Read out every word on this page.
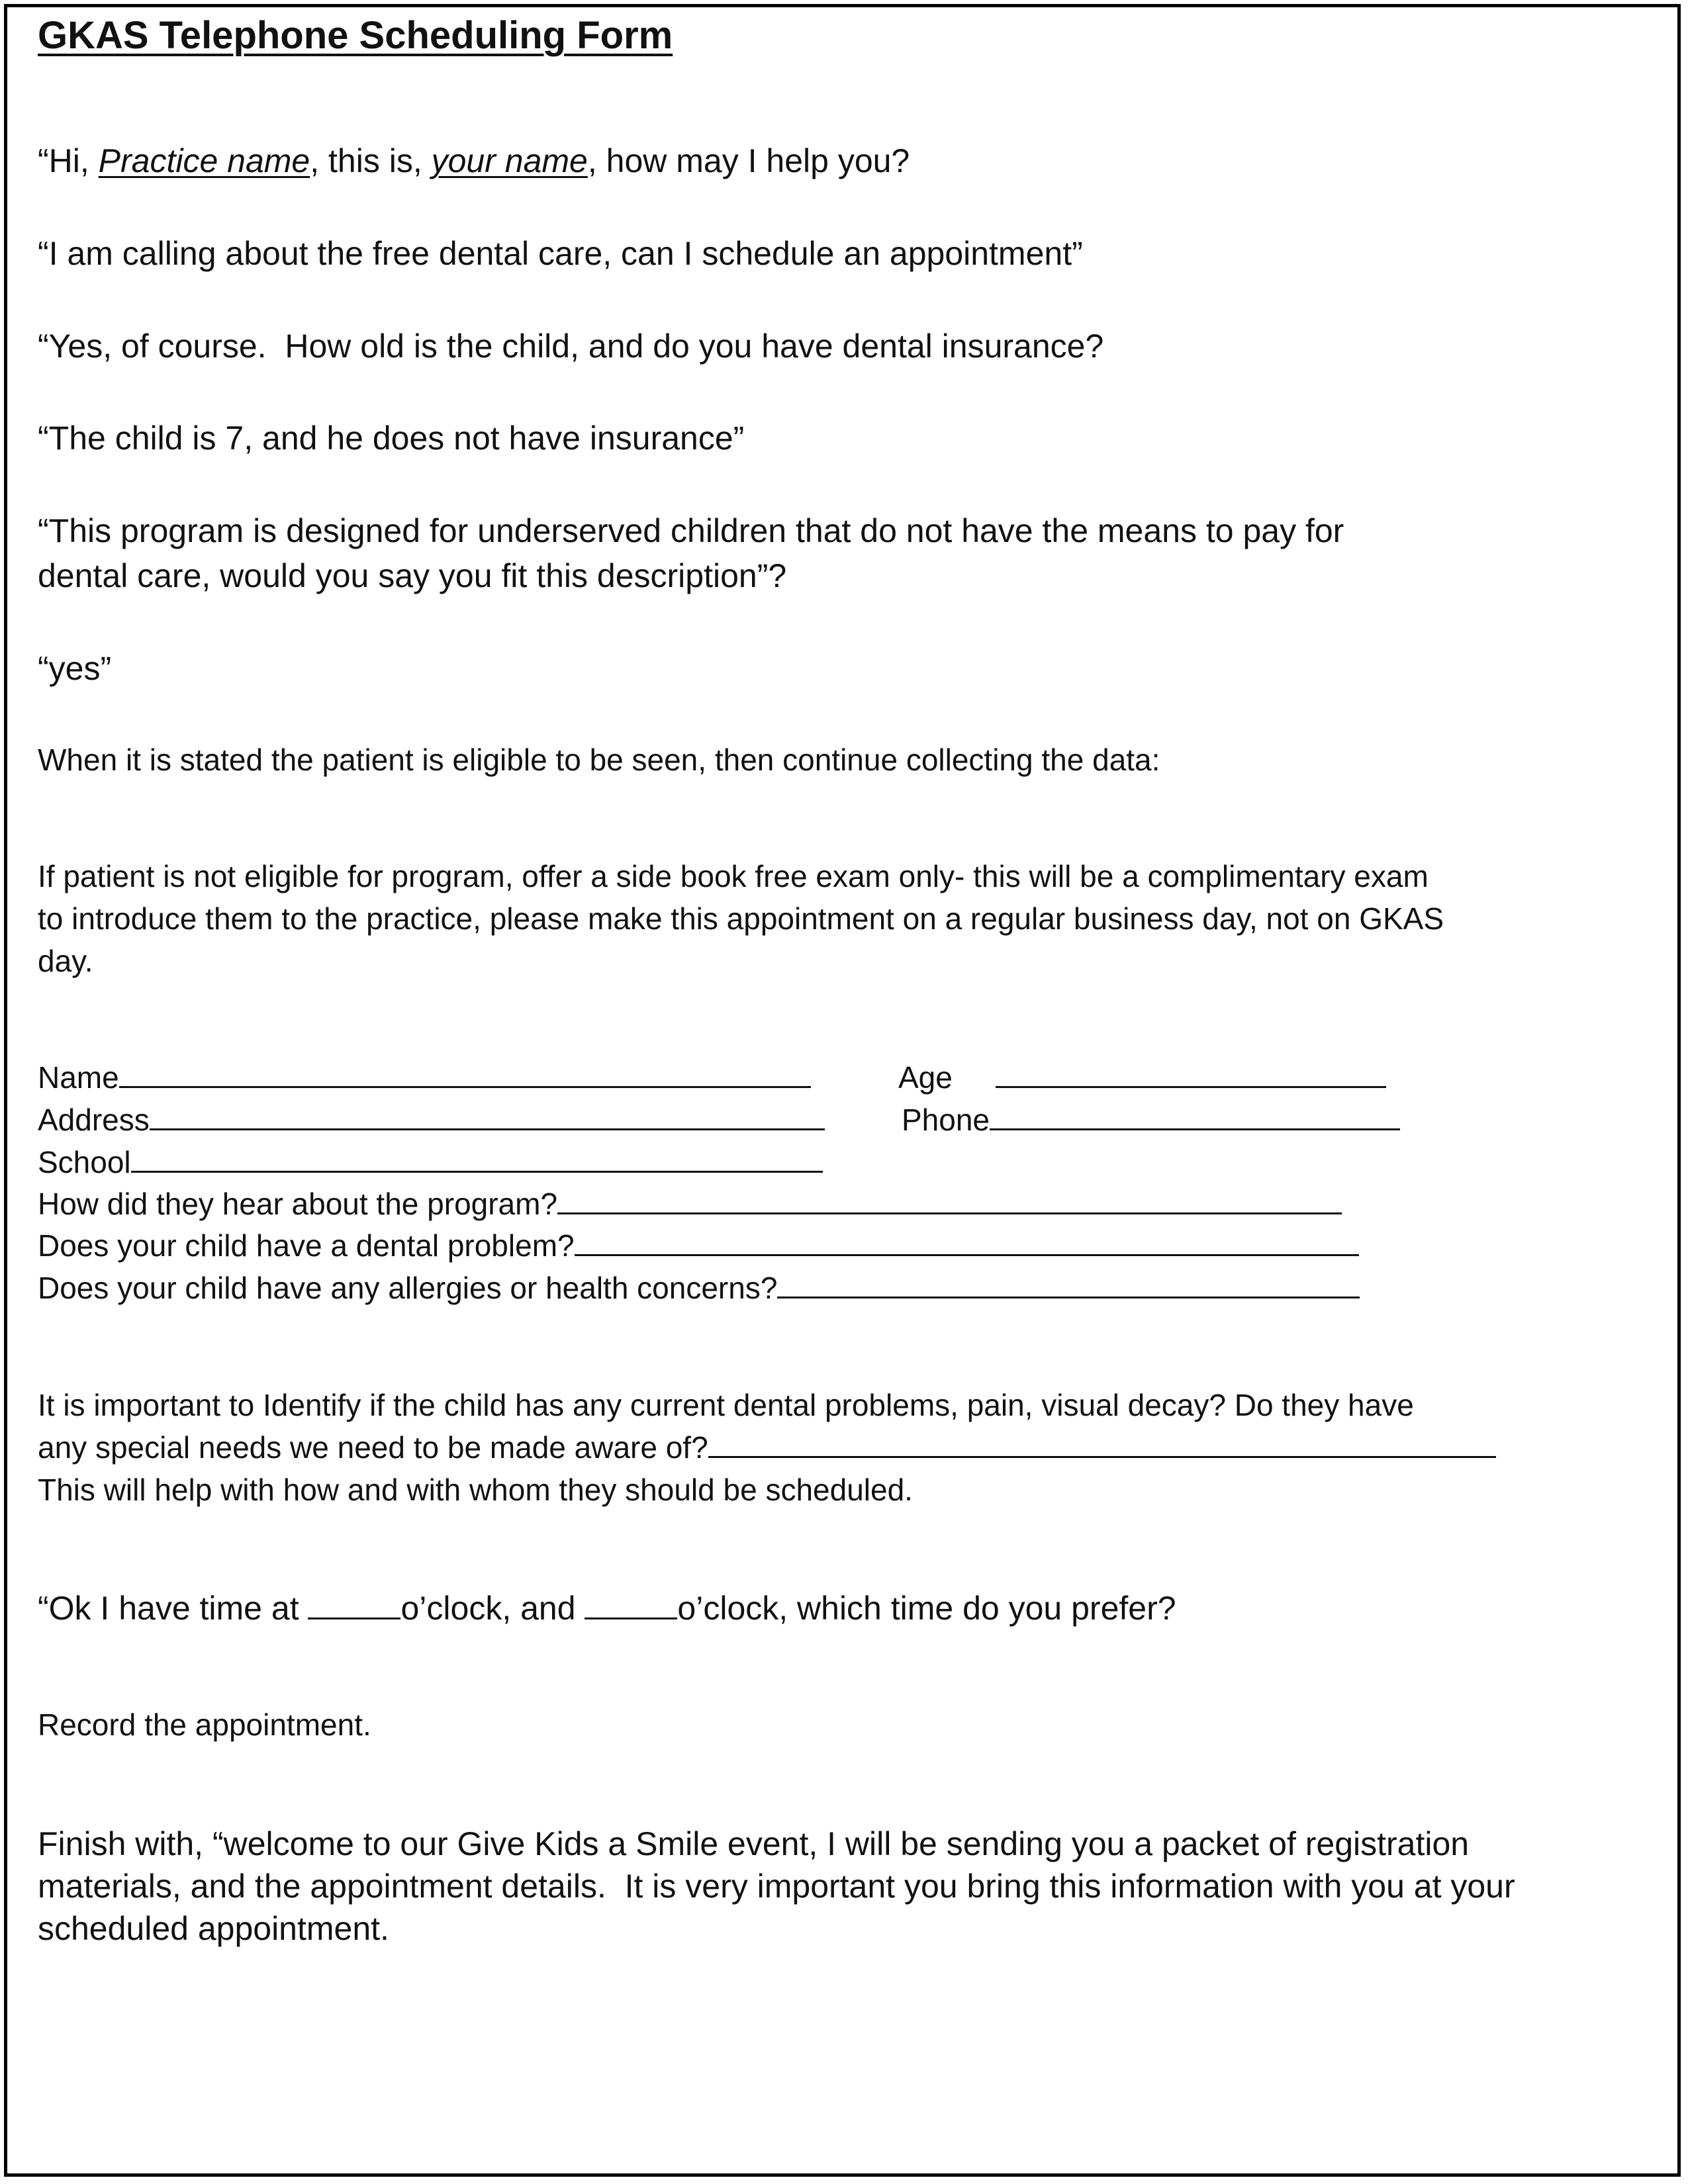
GKAS Telephone Scheduling Form
“Hi, Practice name, this is, your name, how may I help you?
“I am calling about the free dental care, can I schedule an appointment”
“Yes, of course.  How old is the child, and do you have dental insurance?
“The child is 7, and he does not have insurance”
“This program is designed for underserved children that do not have the means to pay for
dental care, would you say you fit this description”?
“yes”
When it is stated the patient is eligible to be seen, then continue collecting the data:
If patient is not eligible for program, offer a side book free exam only- this will be a complimentary exam
to introduce them to the practice, please make this appointment on a regular business day, not on GKAS
day.
Name	Age
Address	Phone
School
How did they hear about the program?
Does your child have a dental problem?
Does your child have any allergies or health concerns?
It is important to Identify if the child has any current dental problems, pain, visual decay? Do they have
any special needs we need to be made aware of?
This will help with how and with whom they should be scheduled.
“Ok I have time at	o’clock, and	o’clock, which time do you prefer?
Record the appointment.
Finish with, “welcome to our Give Kids a Smile event, I will be sending you a packet of registration
materials, and the appointment details.  It is very important you bring this information with you at your
scheduled appointment.
